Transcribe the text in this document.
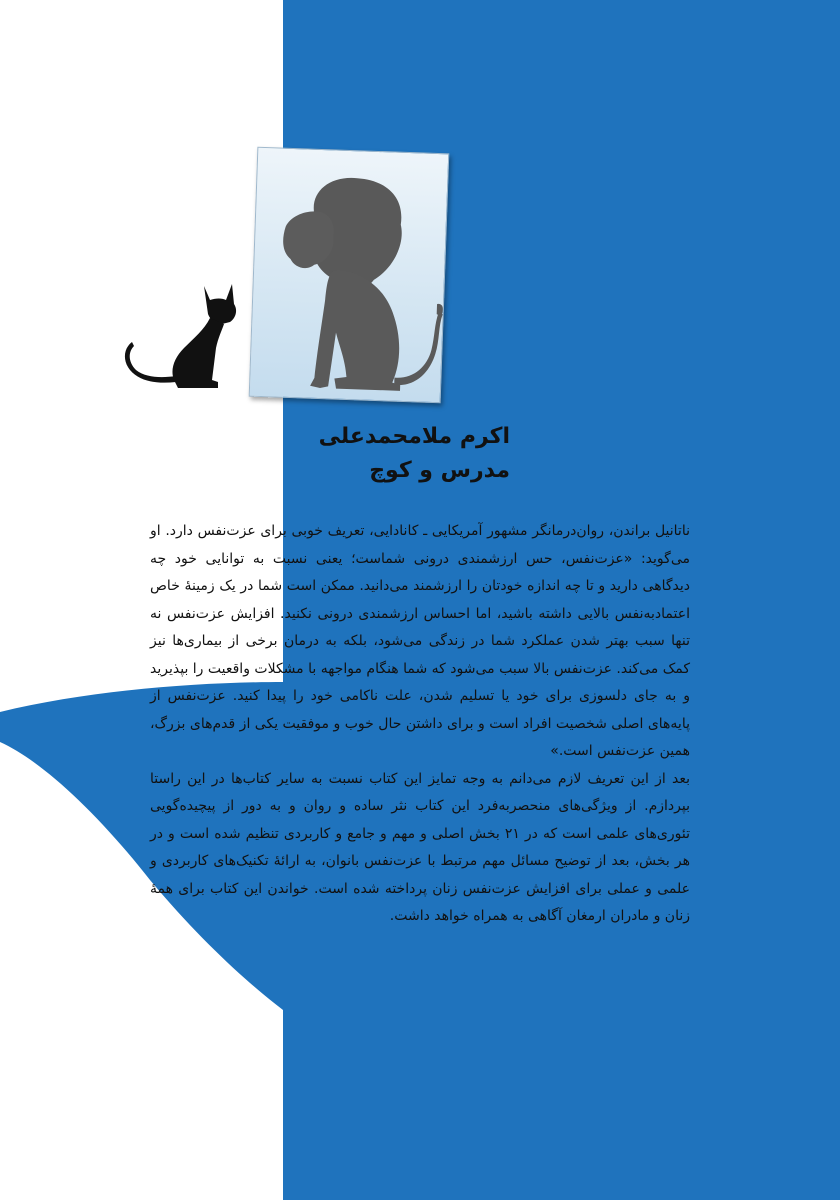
اکرم ملامحمدعلی
مدرس و کوچ

ناتانیل براندن، روان‌درمانگر مشهور آمریکایی ـ کانادایی، تعریف خوبی برای عزت‌نفس دارد. او می‌گوید: «عزت‌نفس، حس ارزشمندی درونی شماست؛ یعنی نسبت به توانایی خود چه دیدگاهی دارید و تا چه اندازه خودتان را ارزشمند می‌دانید. ممکن است شما در یک زمینهٔ خاص اعتمادبه‌نفس بالایی داشته باشید، اما احساس ارزشمندی درونی نکنید. افزایش عزت‌نفس نه تنها سبب بهتر شدن عملکرد شما در زندگی می‌شود، بلکه به درمان برخی از بیماری‌ها نیز کمک می‌کند. عزت‌نفس بالا سبب می‌شود که شما هنگام مواجهه با مشکلات واقعیت را بپذیرید و به جای دلسوزی برای خود یا تسلیم شدن، علت ناکامی خود را پیدا کنید. عزت‌نفس از پایه‌های اصلی شخصیت افراد است و برای داشتن حال خوب و موفقیت یکی از قدم‌های بزرگ، همین عزت‌نفس است.»

بعد از این تعریف لازم می‌دانم به وجه تمایز این کتاب نسبت به سایر کتاب‌ها در این راستا بپردازم. از ویژگی‌های منحصربه‌فرد این کتاب نثر ساده و روان و به دور از پیچیده‌گویی تئوری‌های علمی است که در ۲۱ بخش اصلی و مهم و جامع و کاربردی تنظیم شده است و در هر بخش، بعد از توضیح مسائل مهم مرتبط با عزت‌نفس بانوان، به ارائهٔ تکنیک‌های کاربردی و علمی و عملی برای افزایش عزت‌نفس زنان پرداخته شده است. خواندن این کتاب برای همهٔ زنان و مادران ارمغان آگاهی به همراه خواهد داشت.
